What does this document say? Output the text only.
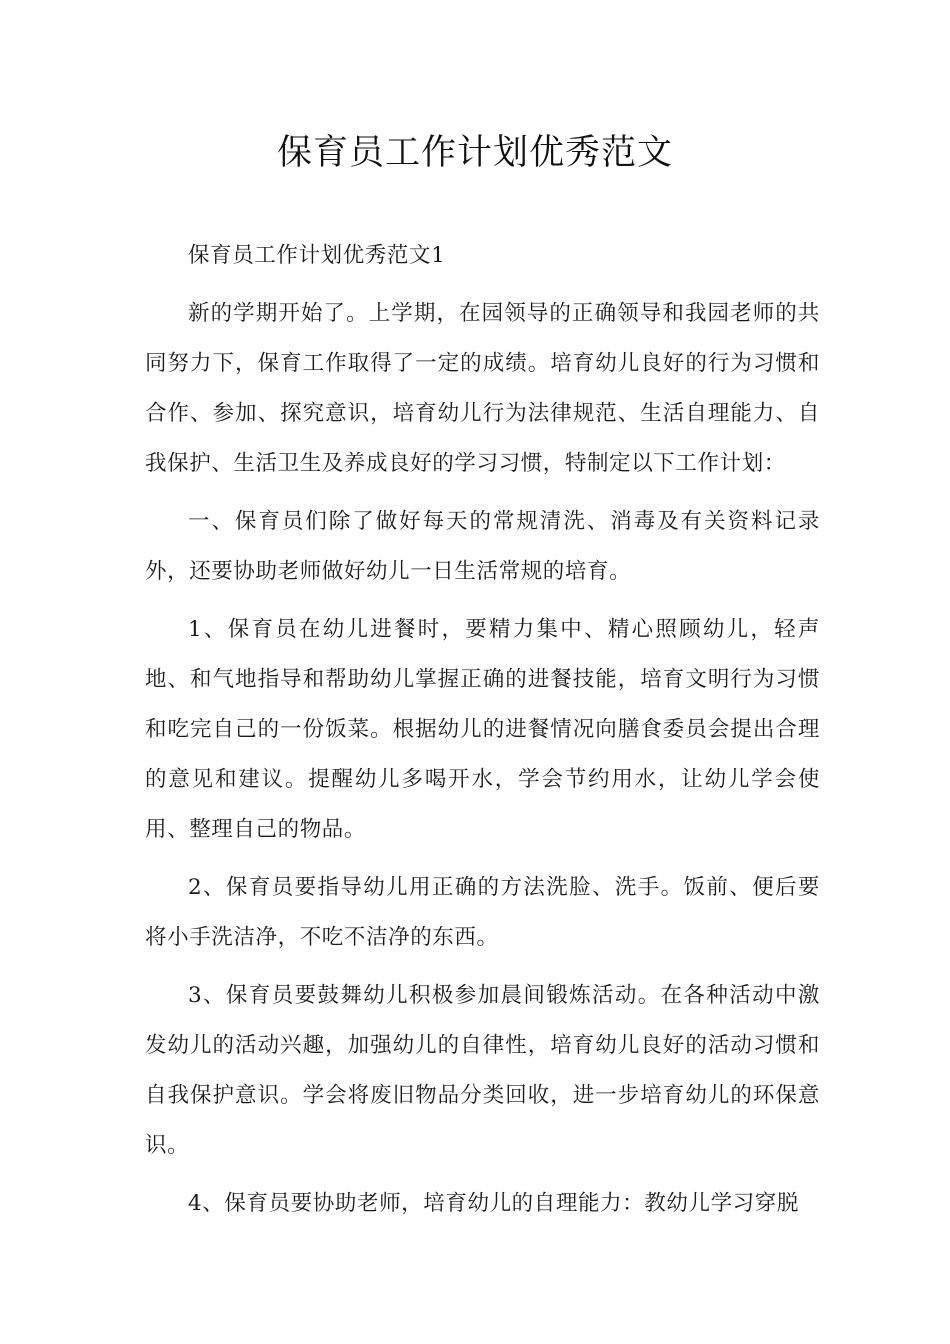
保育员工作计划优秀范文

保育员工作计划优秀范文1

新的学期开始了。上学期，在园领导的正确领导和我园老师的共同努力下，保育工作取得了一定的成绩。培育幼儿良好的行为习惯和合作、参加、探究意识，培育幼儿行为法律规范、生活自理能力、自我保护、生活卫生及养成良好的学习习惯，特制定以下工作计划：

一、保育员们除了做好每天的常规清洗、消毒及有关资料记录外，还要协助老师做好幼儿一日生活常规的培育。

1、保育员在幼儿进餐时，要精力集中、精心照顾幼儿，轻声地、和气地指导和帮助幼儿掌握正确的进餐技能，培育文明行为习惯和吃完自己的一份饭菜。根据幼儿的进餐情况向膳食委员会提出合理的意见和建议。提醒幼儿多喝开水，学会节约用水，让幼儿学会使用、整理自己的物品。

2、保育员要指导幼儿用正确的方法洗脸、洗手。饭前、便后要将小手洗洁净，不吃不洁净的东西。

3、保育员要鼓舞幼儿积极参加晨间锻炼活动。在各种活动中激发幼儿的活动兴趣，加强幼儿的自律性，培育幼儿良好的活动习惯和自我保护意识。学会将废旧物品分类回收，进一步培育幼儿的环保意识。

4、保育员要协助老师，培育幼儿的自理能力：教幼儿学习穿脱
